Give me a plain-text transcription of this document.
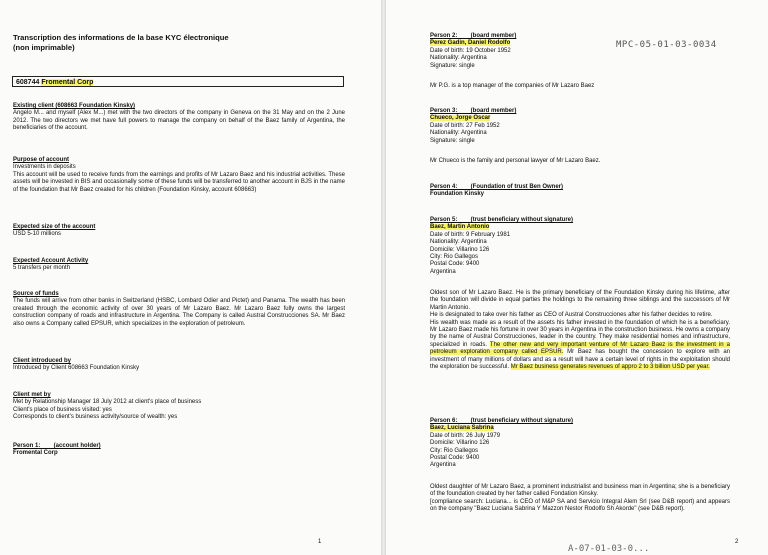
Transcription des informations de la base KYC électronique
(non imprimable)
608744 Fromental Corp
Existing client (608663 Foundation Kinsky)

Angelo M... and myself (Alex M...) met with the two directors of the company in Geneva on the 31 May and on the 2 June 2012. The two directors we met have full powers to manage the company on behalf of the Baez family of Argentina, the beneficiaries of the account.

Purpose of account
Investments in deposits

This account will be used to receive funds from the earnings and profits of Mr Lazaro Baez and his industrial activities. These assets will be invested in BIS and occasionally some of these funds will be transferred to another account in BJS in the name of the foundation that Mr Baez created for his children (Foundation Kinsky, account 608663)

Expected size of the account
USD 5-10 millions
Expected Account Activity
5 transfers per month
Source of funds

The funds will arrive from other banks in Switzerland (HSBC, Lombard Odier and Pictet) and Panama. The wealth has been created through the economic activity of over 30 years of Mr Lazaro Baez. Mr Lazaro Baez fully owns the largest construction company of roads and infrastructure in Argentina. The Company is called Austral Construcciones SA. Mr Baez also owns a Company called EPSUR, which specializes in the exploration of petroleum.

Client introduced by
Introduced by Client 608663 Foundation Kinsky
Client met by
Met by Relationship Manager 18 July 2012 at client's place of business
Client's place of business visited: yes
Corresponds to client's business activity/source of wealth: yes
Person 1:        (account holder)
Fromental Corp
1
MPC-05-01-03-0034
Person 2:        (board member)
Perez Gadin, Daniel Rodolfo
Date of birth: 19 October 1952
Nationality: Argentina
Signature: single
Mr P.G. is a top manager of the companies of Mr Lazaro Baez
Person 3:        (board member)
Chueco, Jorge Oscar
Date of birth: 27 Feb 1952
Nationality: Argentina
Signature: single
Mr Chueco is the family and personal lawyer of Mr Lazaro Baez.
Person 4:        (Foundation of trust Ben Owner)
Foundation Kinsky
Person 5:        (trust beneficiary without signature)
Baez, Martin Antonio
Date of birth: 9 February 1981
Nationality: Argentina
Domicile: Villarino 126
City: Rio Gallegos
Postal Code: 9400
Argentina

Oldest son of Mr Lazaro Baez. He is the primary beneficiary of the Foundation Kinsky during his lifetime, after the foundation will divide in equal parties the holdings to the remaining three siblings and the successors of Mr Martin Antonio.

He is designated to take over his father as CEO of Austral Construcciones after his father decides to retire.

His wealth was made as a result of the assets his father invested in the foundation of which he is a beneficiary. Mr Lazaro Baez made his fortune in over 30 years in Argentina in the construction business. He owns a company by the name of Austral Construcciones, leader in the country. They make residential homes and infrastructure, specialized in roads. The other new and very important venture of Mr Lazaro Baez is the investment in a petroleum exploration company called EPSUR. Mr Baez has bought the concession to explore with an investment of many millions of dollars and as a result will have a certain level of rights in the exploitation should the exploration be successful. Mr Baez business generates revenues of appro 2 to 3 billion USD per year.

Person 6:        (trust beneficiary without signature)
Baez, Luciana Sabrina
Date of birth: 26 July 1979
Domicile: Villarino 126
City: Rio Gallegos
Postal Code: 9400
Argentina

Oldest daughter of Mr Lazaro Baez, a prominent industrialist and business man in Argentina; she is a beneficiary of the foundation created by her father called Fondation Kinsky.

[compliance search: Luciana... is CEO of M&P SA and Servicio Integral Alem Srl (see D&B report) and appears on the company "Baez Luciana Sabrina Y Mazzon Nestor Rodolfo Sh Akorde" (see D&B report).

A-07-01-03-0...
2
